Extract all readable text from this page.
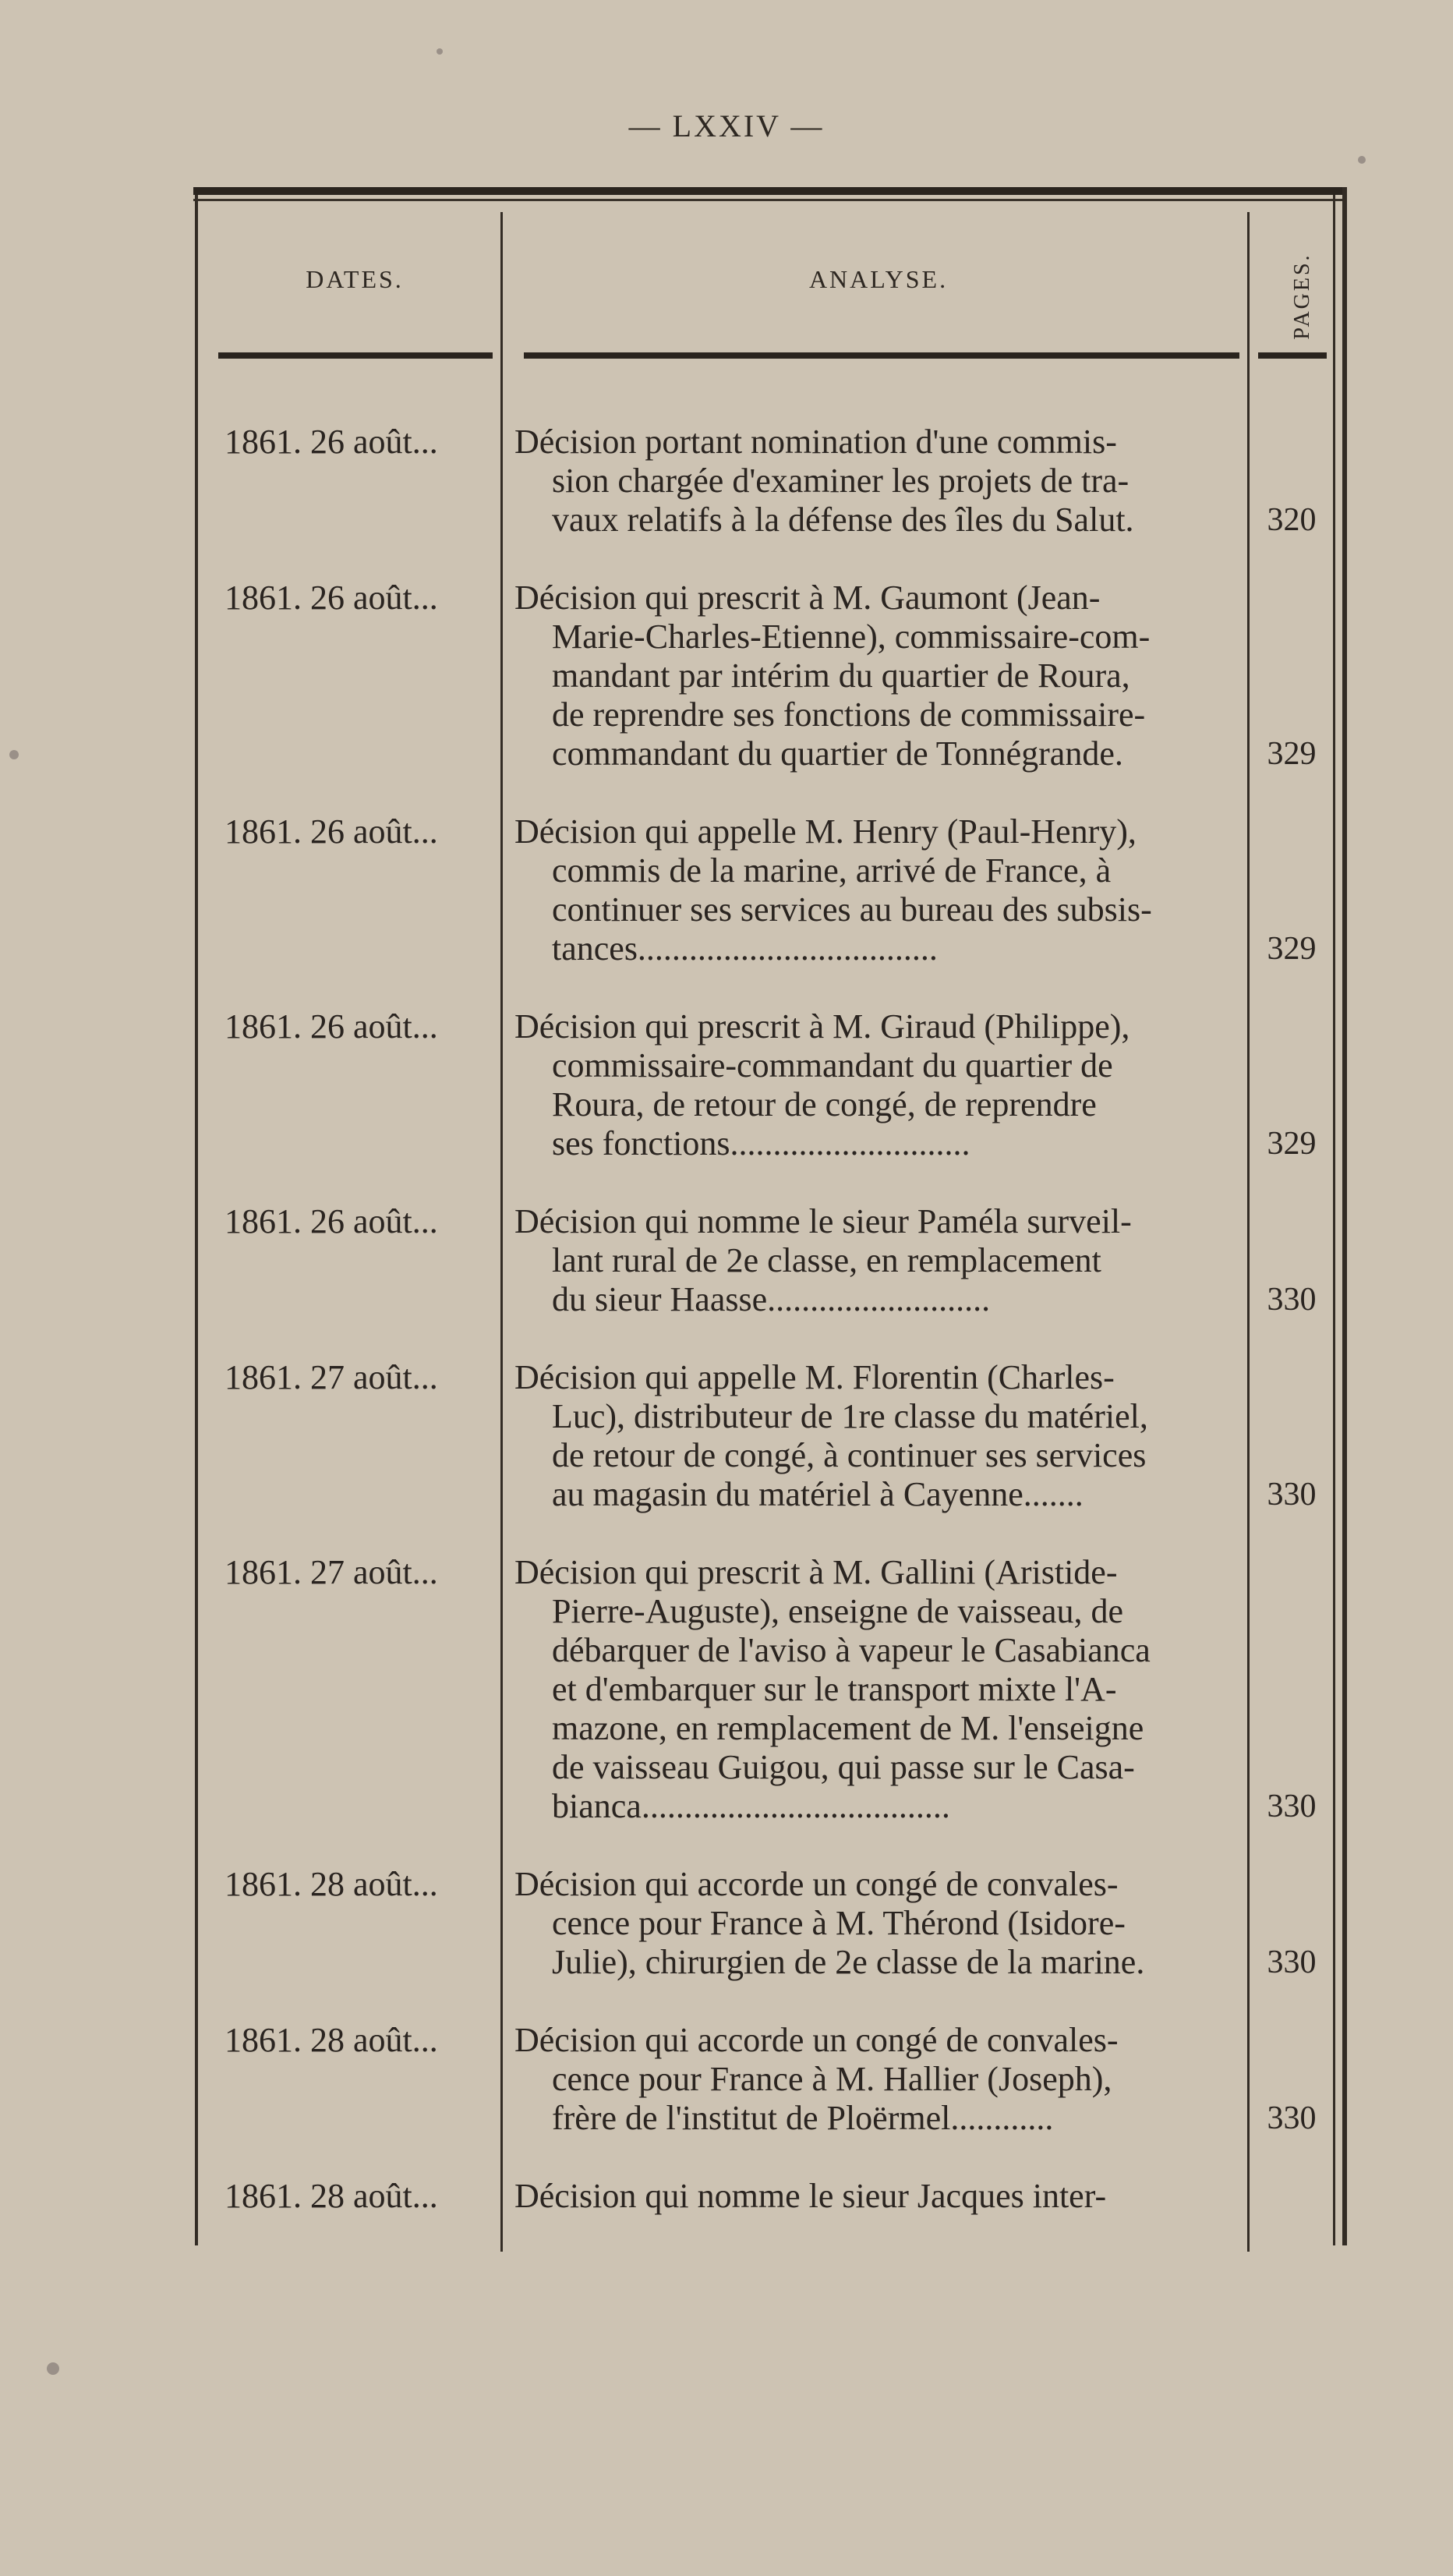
— LXXIV —
DATES.	ANALYSE.	PAGES.
1861. 26 août...	Décision portant nomination d'une commis-
sion chargée d'examiner les projets de tra-
vaux relatifs à la défense des îles du Salut.	320
1861. 26 août...	Décision qui prescrit à M. Gaumont (Jean-
Marie-Charles-Etienne), commissaire-com-
mandant par intérim du quartier de Roura,
de reprendre ses fonctions de commissaire-
commandant du quartier de Tonnégrande.	329
1861. 26 août...	Décision qui appelle M. Henry (Paul-Henry),
commis de la marine, arrivé de France, à
continuer ses services au bureau des subsis-
tances...................................	329
1861. 26 août...	Décision qui prescrit à M. Giraud (Philippe),
commissaire-commandant du quartier de
Roura, de retour de congé, de reprendre
ses fonctions............................	329
1861. 26 août...	Décision qui nomme le sieur Paméla surveil-
lant rural de 2e classe, en remplacement
du sieur Haasse..........................	330
1861. 27 août...	Décision qui appelle M. Florentin (Charles-
Luc), distributeur de 1re classe du matériel,
de retour de congé, à continuer ses services
au magasin du matériel à Cayenne.......	330
1861. 27 août...	Décision qui prescrit à M. Gallini (Aristide-
Pierre-Auguste), enseigne de vaisseau, de
débarquer de l'aviso à vapeur le Casabianca
et d'embarquer sur le transport mixte l'A-
mazone, en remplacement de M. l'enseigne
de vaisseau Guigou, qui passe sur le Casa-
bianca....................................	330
1861. 28 août...	Décision qui accorde un congé de convales-
cence pour France à M. Thérond (Isidore-
Julie), chirurgien de 2e classe de la marine.	330
1861. 28 août...	Décision qui accorde un congé de convales-
cence pour France à M. Hallier (Joseph),
frère de l'institut de Ploërmel............	330
1861. 28 août...	Décision qui nomme le sieur Jacques inter-
